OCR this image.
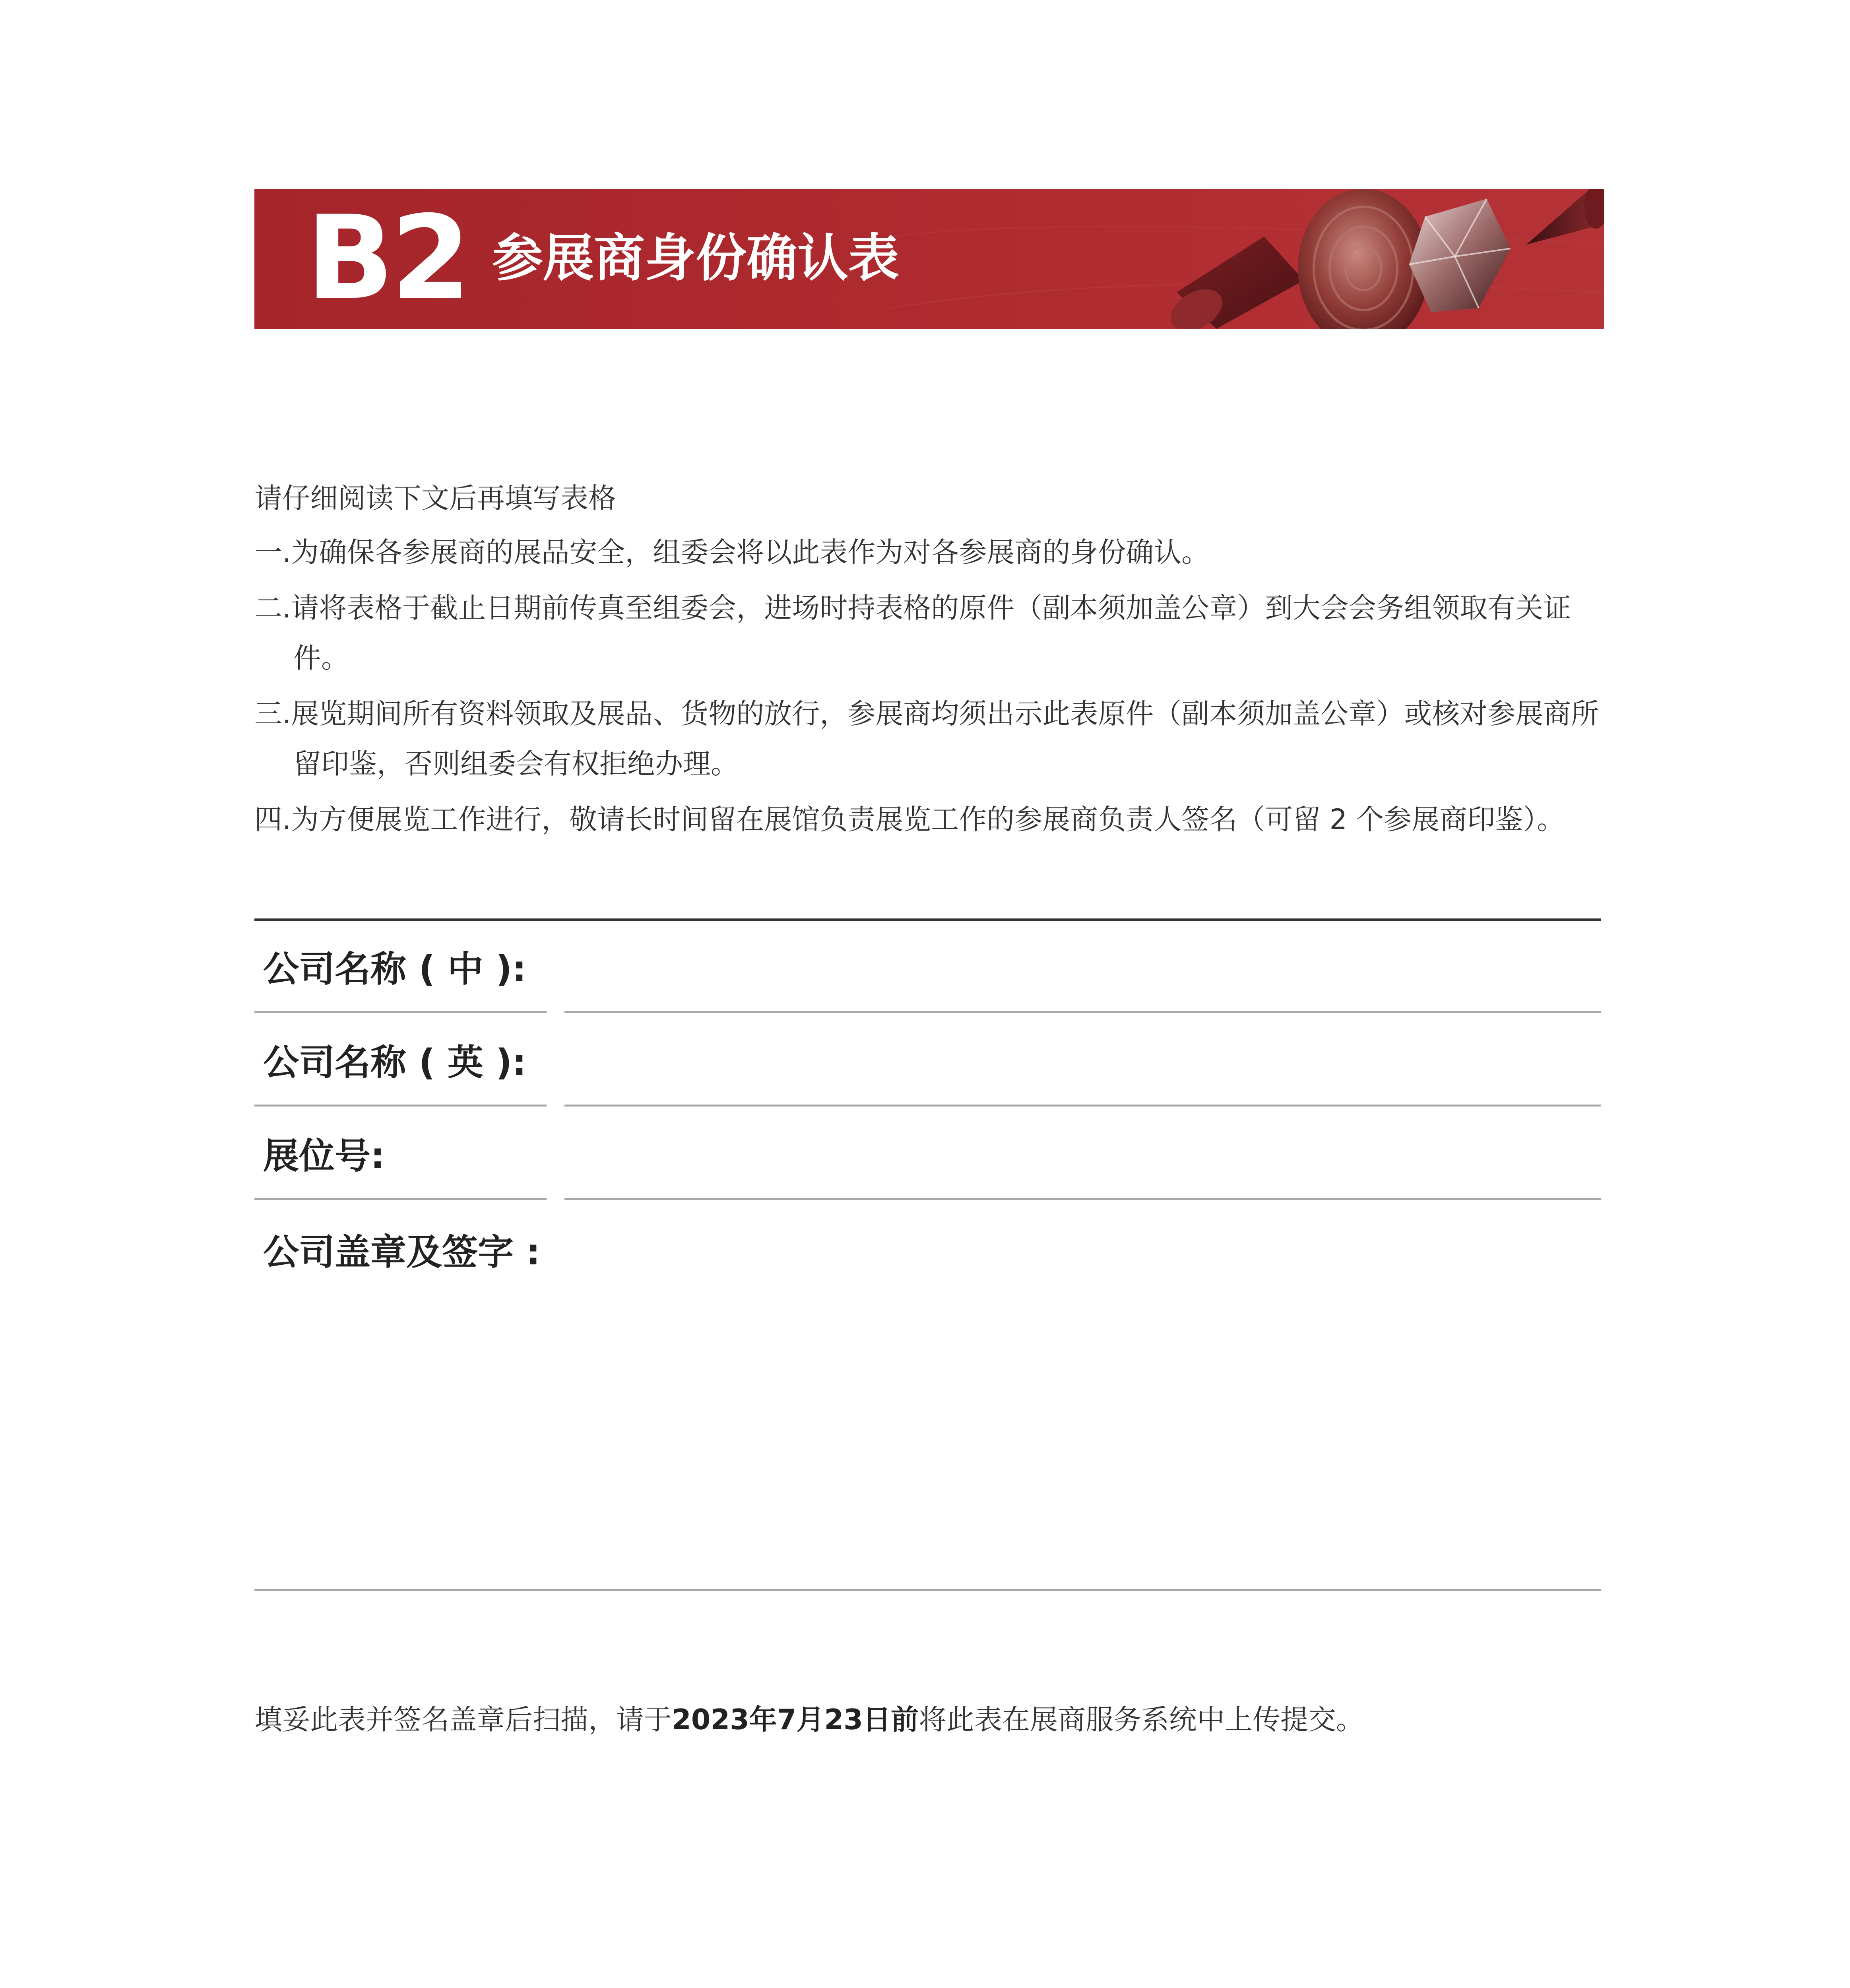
B2 参展商身份确认表

请仔细阅读下文后再填写表格

一.为确保各参展商的展品安全，组委会将以此表作为对各参展商的身份确认。

二.请将表格于截止日期前传真至组委会，进场时持表格的原件（副本须加盖公章）到大会会务组领取有关证件。

三.展览期间所有资料领取及展品、货物的放行，参展商均须出示此表原件（副本须加盖公章）或核对参展商所留印鉴，否则组委会有权拒绝办理。

四.为方便展览工作进行，敬请长时间留在展馆负责展览工作的参展商负责人签名（可留 2 个参展商印鉴）。

公司名称 ( 中 ):
公司名称 ( 英 ):
展位号:
公司盖章及签字 :
填妥此表并签名盖章后扫描，请于2023年7月23日前将此表在展商服务系统中上传提交。
